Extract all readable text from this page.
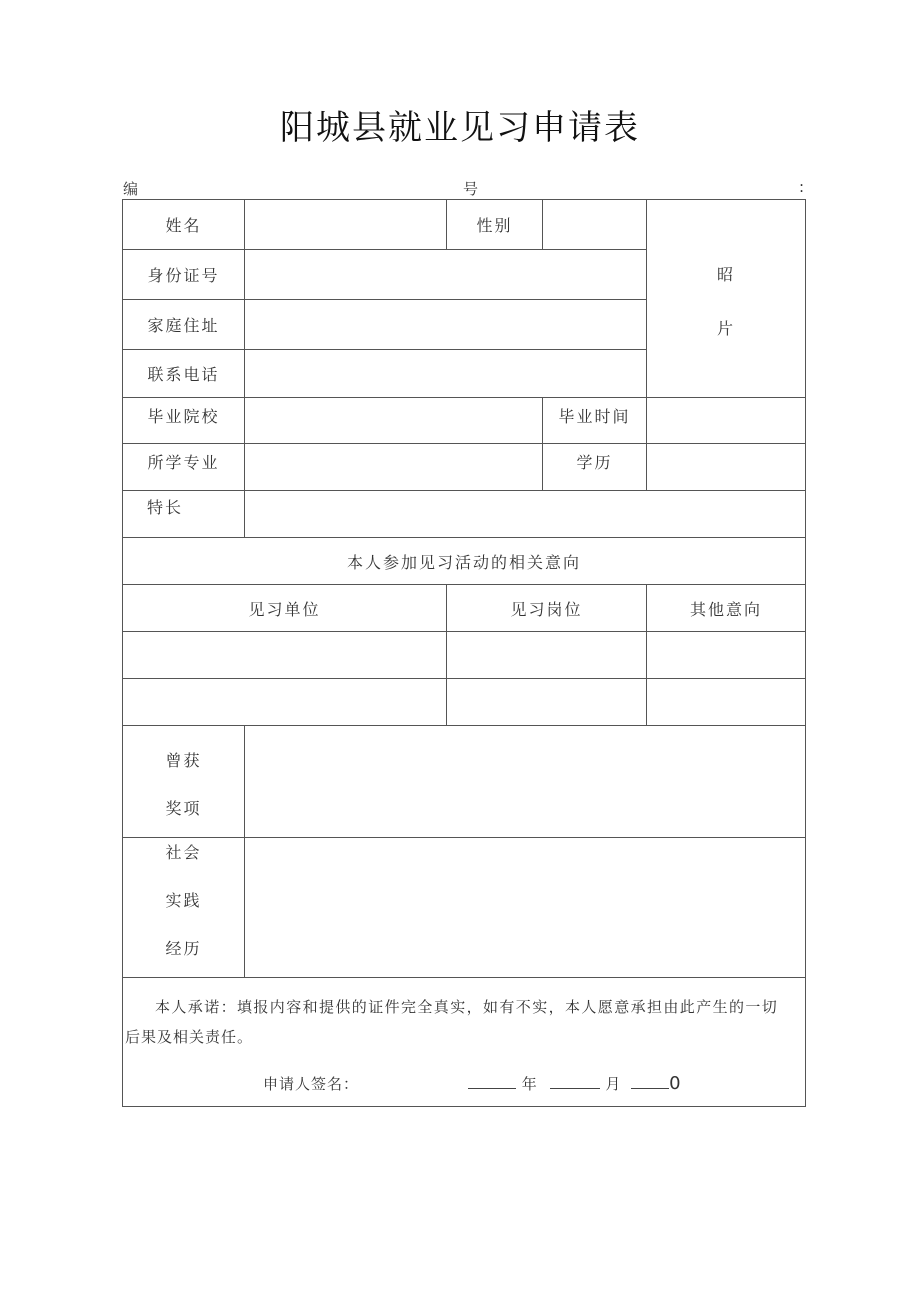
阳城县就业见习申请表
编	号	:
姓名	性别
昭
片
身份证号
家庭住址
联系电话
毕业院校	毕业时间
所学专业	学历
特长
本人参加见习活动的相关意向
见习单位	见习岗位	其他意向
曾获
奖项
社会
实践
经历
本人承诺：填报内容和提供的证件完全真实，如有不实，本人愿意承担由此产生的一切
后果及相关责任。
申请人签名：	年	月	0
